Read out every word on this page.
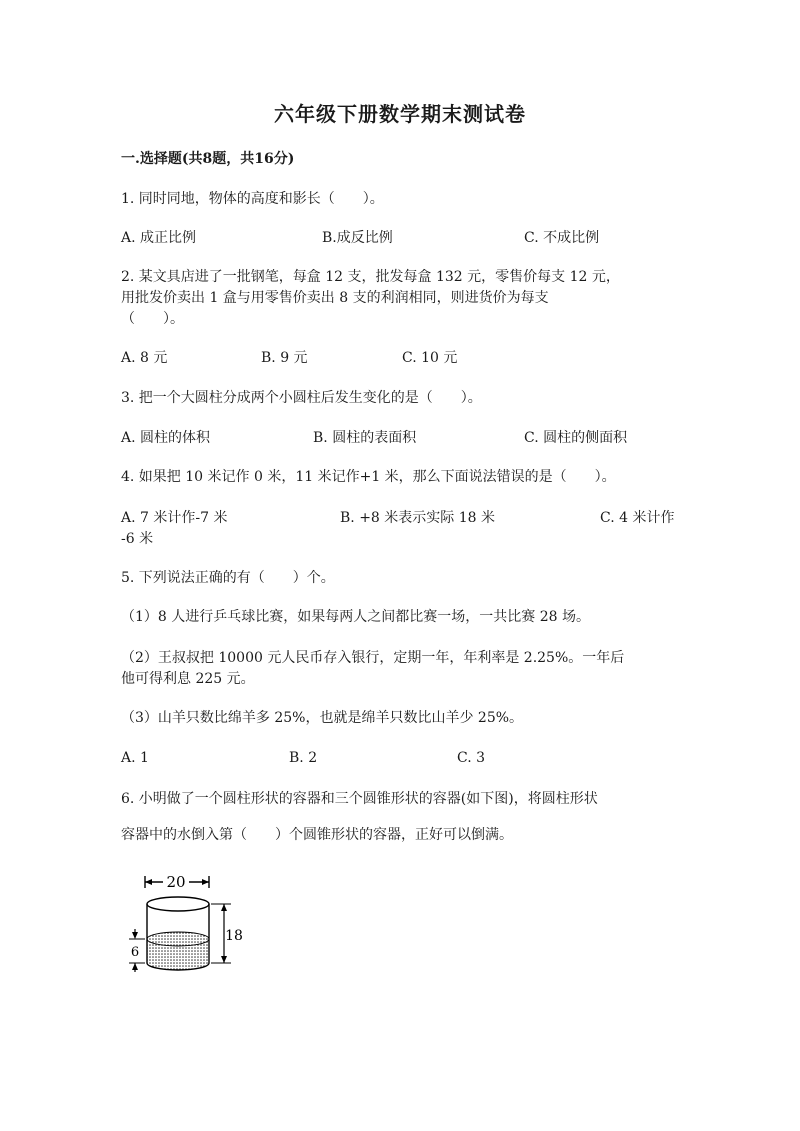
六年级下册数学期末测试卷
一.选择题(共8题，共16分)
1. 同时同地，物体的高度和影长（　　）。
A. 成正比例	B.成反比例	C. 不成比例
2. 某文具店进了一批钢笔，每盒 12 支，批发每盒 132 元，零售价每支 12 元，
用批发价卖出 1 盒与用零售价卖出 8 支的利润相同，则进货价为每支
（　　）。
A. 8 元	B. 9 元	C. 10 元
3. 把一个大圆柱分成两个小圆柱后发生变化的是（　　）。
A. 圆柱的体积	B. 圆柱的表面积	C. 圆柱的侧面积
4. 如果把 10 米记作 0 米，11 米记作+1 米，那么下面说法错误的是（　　）。
A. 7 米计作-7 米	B. +8 米表示实际 18 米	C. 4 米计作
-6 米
5. 下列说法正确的有（　　）个。
（1）8 人进行乒乓球比赛，如果每两人之间都比赛一场，一共比赛 28 场。
（2）王叔叔把 10000 元人民币存入银行，定期一年，年利率是 2.25%。一年后
他可得利息 225 元。
（3）山羊只数比绵羊多 25%，也就是绵羊只数比山羊少 25%。
A. 1	B. 2	C. 3
6. 小明做了一个圆柱形状的容器和三个圆锥形状的容器(如下图)，将圆柱形状
容器中的水倒入第（　　）个圆锥形状的容器，正好可以倒满。
20
18
6
